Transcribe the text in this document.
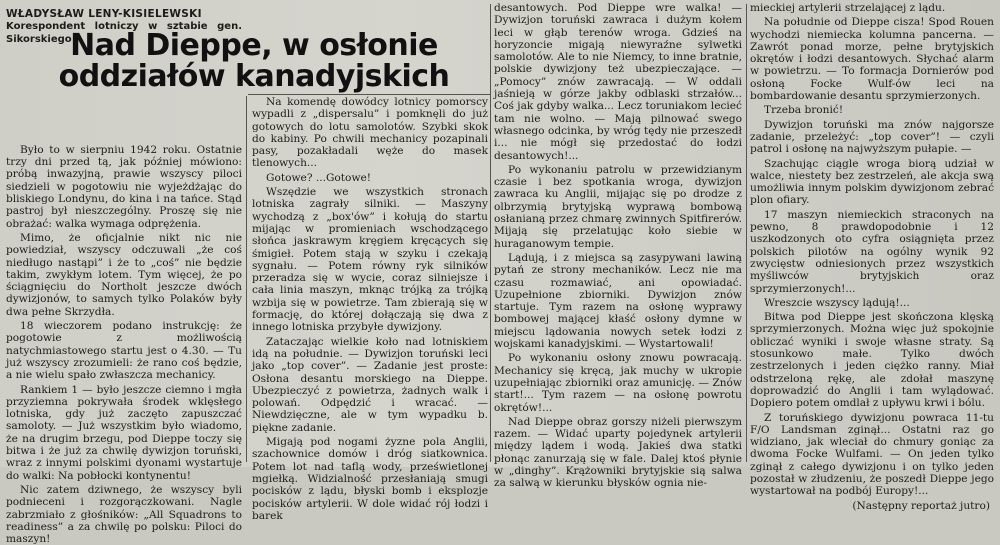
WŁADYSŁAW LENY-KISIELEWSKI
Korespondent lotniczy w sztabie gen. Sikorskiego

Było to w sierpniu 1942 roku. Ostatnie trzy dni przed tą, jak później mówiono: próbą inwazyjną, prawie wszyscy piloci siedzieli w pogotowiu nie wyjeżdżając do bliskiego Londynu, do kina i na tańce. Stąd pastroj był nieszczególny. Proszę się nie obrażać: walka wymaga odprężenia.

Mimo, że oficjalnie nikt nic nie powiedział, wszyscy odczuwali „że coś niedługo nastąpi” i że to „coś” nie będzie takim, zwykłym lotem. Tym więcej, że po ściągnięciu do Northolt jeszcze dwóch dywizjonów, to samych tylko Polaków były dwa pełne Skrzydła.

18 wieczorem podano instrukcję: że pogotowie z możliwością natychmiastowego startu jest o 4.30. — Tu już wszyscy zrozumieli: że rano coś będzie, a nie wielu spało zwłaszcza mechanicy.

Rankiem 1 — było jeszcze ciemno i mgła przyziemna pokrywała środek wklęsłego lotniska, gdy już zaczęto zapuszczać samoloty. — Już wszystkim było wiadomo, że na drugim brzegu, pod Dieppe toczy się bitwa i że już za chwilę dywizjon toruński, wraz z innymi polskimi dyonami wystartuje do walki: Na pobłocki kontynentu!

Nic zatem dziwnego, że wszyscy byli podnieceni i rozgorączkowani. Nagle zabrzmiało z głośników: „All Squadrons to readiness” a za chwilę po polsku: Piloci do maszyn!

Nad Dieppe, w osłonie oddziałów kanadyjskich

Na komendę dowódcy lotnicy pomorscy wypadli z „dispersalu” i pomknęli do już gotowych do lotu samolotów. Szybki skok do kabiny. Po chwili mechanicy pozapinali pasy, pozakładali węże do masek tlenowych...

Gotowe? ...Gotowe!

Wszędzie we wszystkich stronach lotniska zagrały silniki. — Maszyny wychodzą z „box'ów” i kołują do startu mijając w promieniach wschodzącego słońca jaskrawym kręgiem kręcących się śmigieł. Potem stają w szyku i czekają sygnału. — Potem równy ryk silników przeradza się w wycie, coraz silniejsze i cała linia maszyn, mknąc trójką za trójką wzbija się w powietrze. Tam zbierają się w formację, do której dołączają się dwa z innego lotniska przybyłe dywizjony.

Zataczając wielkie koło nad lotniskiem idą na południe. — Dywizjon toruński leci jako „top cover”. — Zadanie jest proste: Osłona desantu morskiego na Dieppe. Ubezpieczyć z powietrza, żadnych walk i polowań. Odpędzić i wracać. — Niewdzięczne, ale w tym wypadku b. piękne zadanie.

Migają pod nogami żyzne pola Anglii, szachownice domów i dróg siatkownica. Potem lot nad taflą wody, prześwietlonej mgiełką. Widzialność przesłaniają smugi pocisków z lądu, błyski bomb i eksplozje pocisków artylerii. W dole widać rój łodzi i barek

desantowych. Pod Dieppe wre walka! — Dywizjon toruński zawraca i dużym kołem leci w głąb terenów wroga. Gdzieś na horyzoncie migają niewyraźne sylwetki samolotów. Ale to nie Niemcy, to inne bratnie, polskie dywizjony też ubezpieczające. — „Pomocy” znów zawracają. — W oddali jaśnieją w górze jakby odblaski strzałów... Coś jak gdyby walka... Lecz toruniakom lecieć tam nie wolno. — Mają pilnować swego własnego odcinka, by wróg tędy nie przeszedł i... nie mógł się przedostać do łodzi desantowych!...

Po wykonaniu patrolu w przewidzianym czasie i bez spotkania wroga, dywizjon zawraca ku Anglii, mijając się po drodze z olbrzymią brytyjską wyprawą bombową osłanianą przez chmarę zwinnych Spitfirerów. Mijają się przelatując koło siebie w huraganowym tempie.

Lądują, i z miejsca są zasypywani lawiną pytań ze strony mechaników. Lecz nie ma czasu rozmawiać, ani opowiadać. Uzupełnione zbiorniki. Dywizjon znów startuje. Tym razem na osłonę wyprawy bombowej mającej kłaść osłony dymne w miejscu lądowania nowych setek łodzi z wojskami kanadyjskimi. — Wystartowali!

Po wykonaniu osłony znowu powracają. Mechanicy się kręcą, jak muchy w ukropie uzupełniając zbiorniki oraz amunicję. — Znów start!... Tym razem — na osłonę powrotu okrętów!...

Nad Dieppe obraz gorszy niżeli pierwszym razem. — Widać uparty pojedynek artylerii między lądem i wodą. Jakieś dwa statki płonąc zanurzają się w fale. Dalej ktoś płynie w „dinghy”. Krążowniki brytyjskie sią salwa za salwą w kierunku błysków ognia nie-

mieckiej artylerii strzelającej z lądu.

Na południe od Dieppe cisza! Spod Rouen wychodzi niemiecka kolumna pancerna. — Zawrót ponad morze, pełne brytyjskich okrętów i łodzi desantowych. Słychać alarm w powietrzu. — To formacja Dornierów pod osłoną Focke Wulf-ów leci na bombardowanie desantu sprzymierzonych.

Trzeba bronić!

Dywizjon toruński ma znów najgorsze zadanie, przeleżyć: „top cover”! — czyli patrol i osłonę na najwyższym pułapie. —

Szachując ciągle wroga biorą udział w walce, niestety bez zestrzeleń, ale akcja swą umożliwia innym polskim dywizjonom zebrać plon ofiary.

17 maszyn niemieckich straconych na pewno, 8 prawdopodobnie i 12 uszkodzonych oto cyfra osiągnięta przez polskich pilotów na ogólny wynik 92 zwycięstw odniesionych przez wszystkich myśliwców brytyjskich oraz sprzymierzonych!...

Wreszcie wszyscy lądują!...

Bitwa pod Dieppe jest skończona klęską sprzymierzonych. Można więc już spokojnie obliczać wyniki i swoje własne straty. Są stosunkowo małe. Tylko dwóch zestrzelonych i jeden ciężko ranny. Miał odstrzeloną rękę, ale zdołał maszynę doprowadzić do Anglii i tam wylądować. Dopiero potem omdlał z upływu krwi i bólu.

Z toruńskiego dywizjonu powraca 11-tu F/O Landsman zginął... Ostatni raz go widziano, jak wleciał do chmury goniąc za dwoma Focke Wulfami. — On jeden tylko zginął z całego dywizjonu i on tylko jeden pozostał w złudzeniu, że poszedł Dieppe jego wystartował na podbój Europy!...

(Następny reportaż jutro)
